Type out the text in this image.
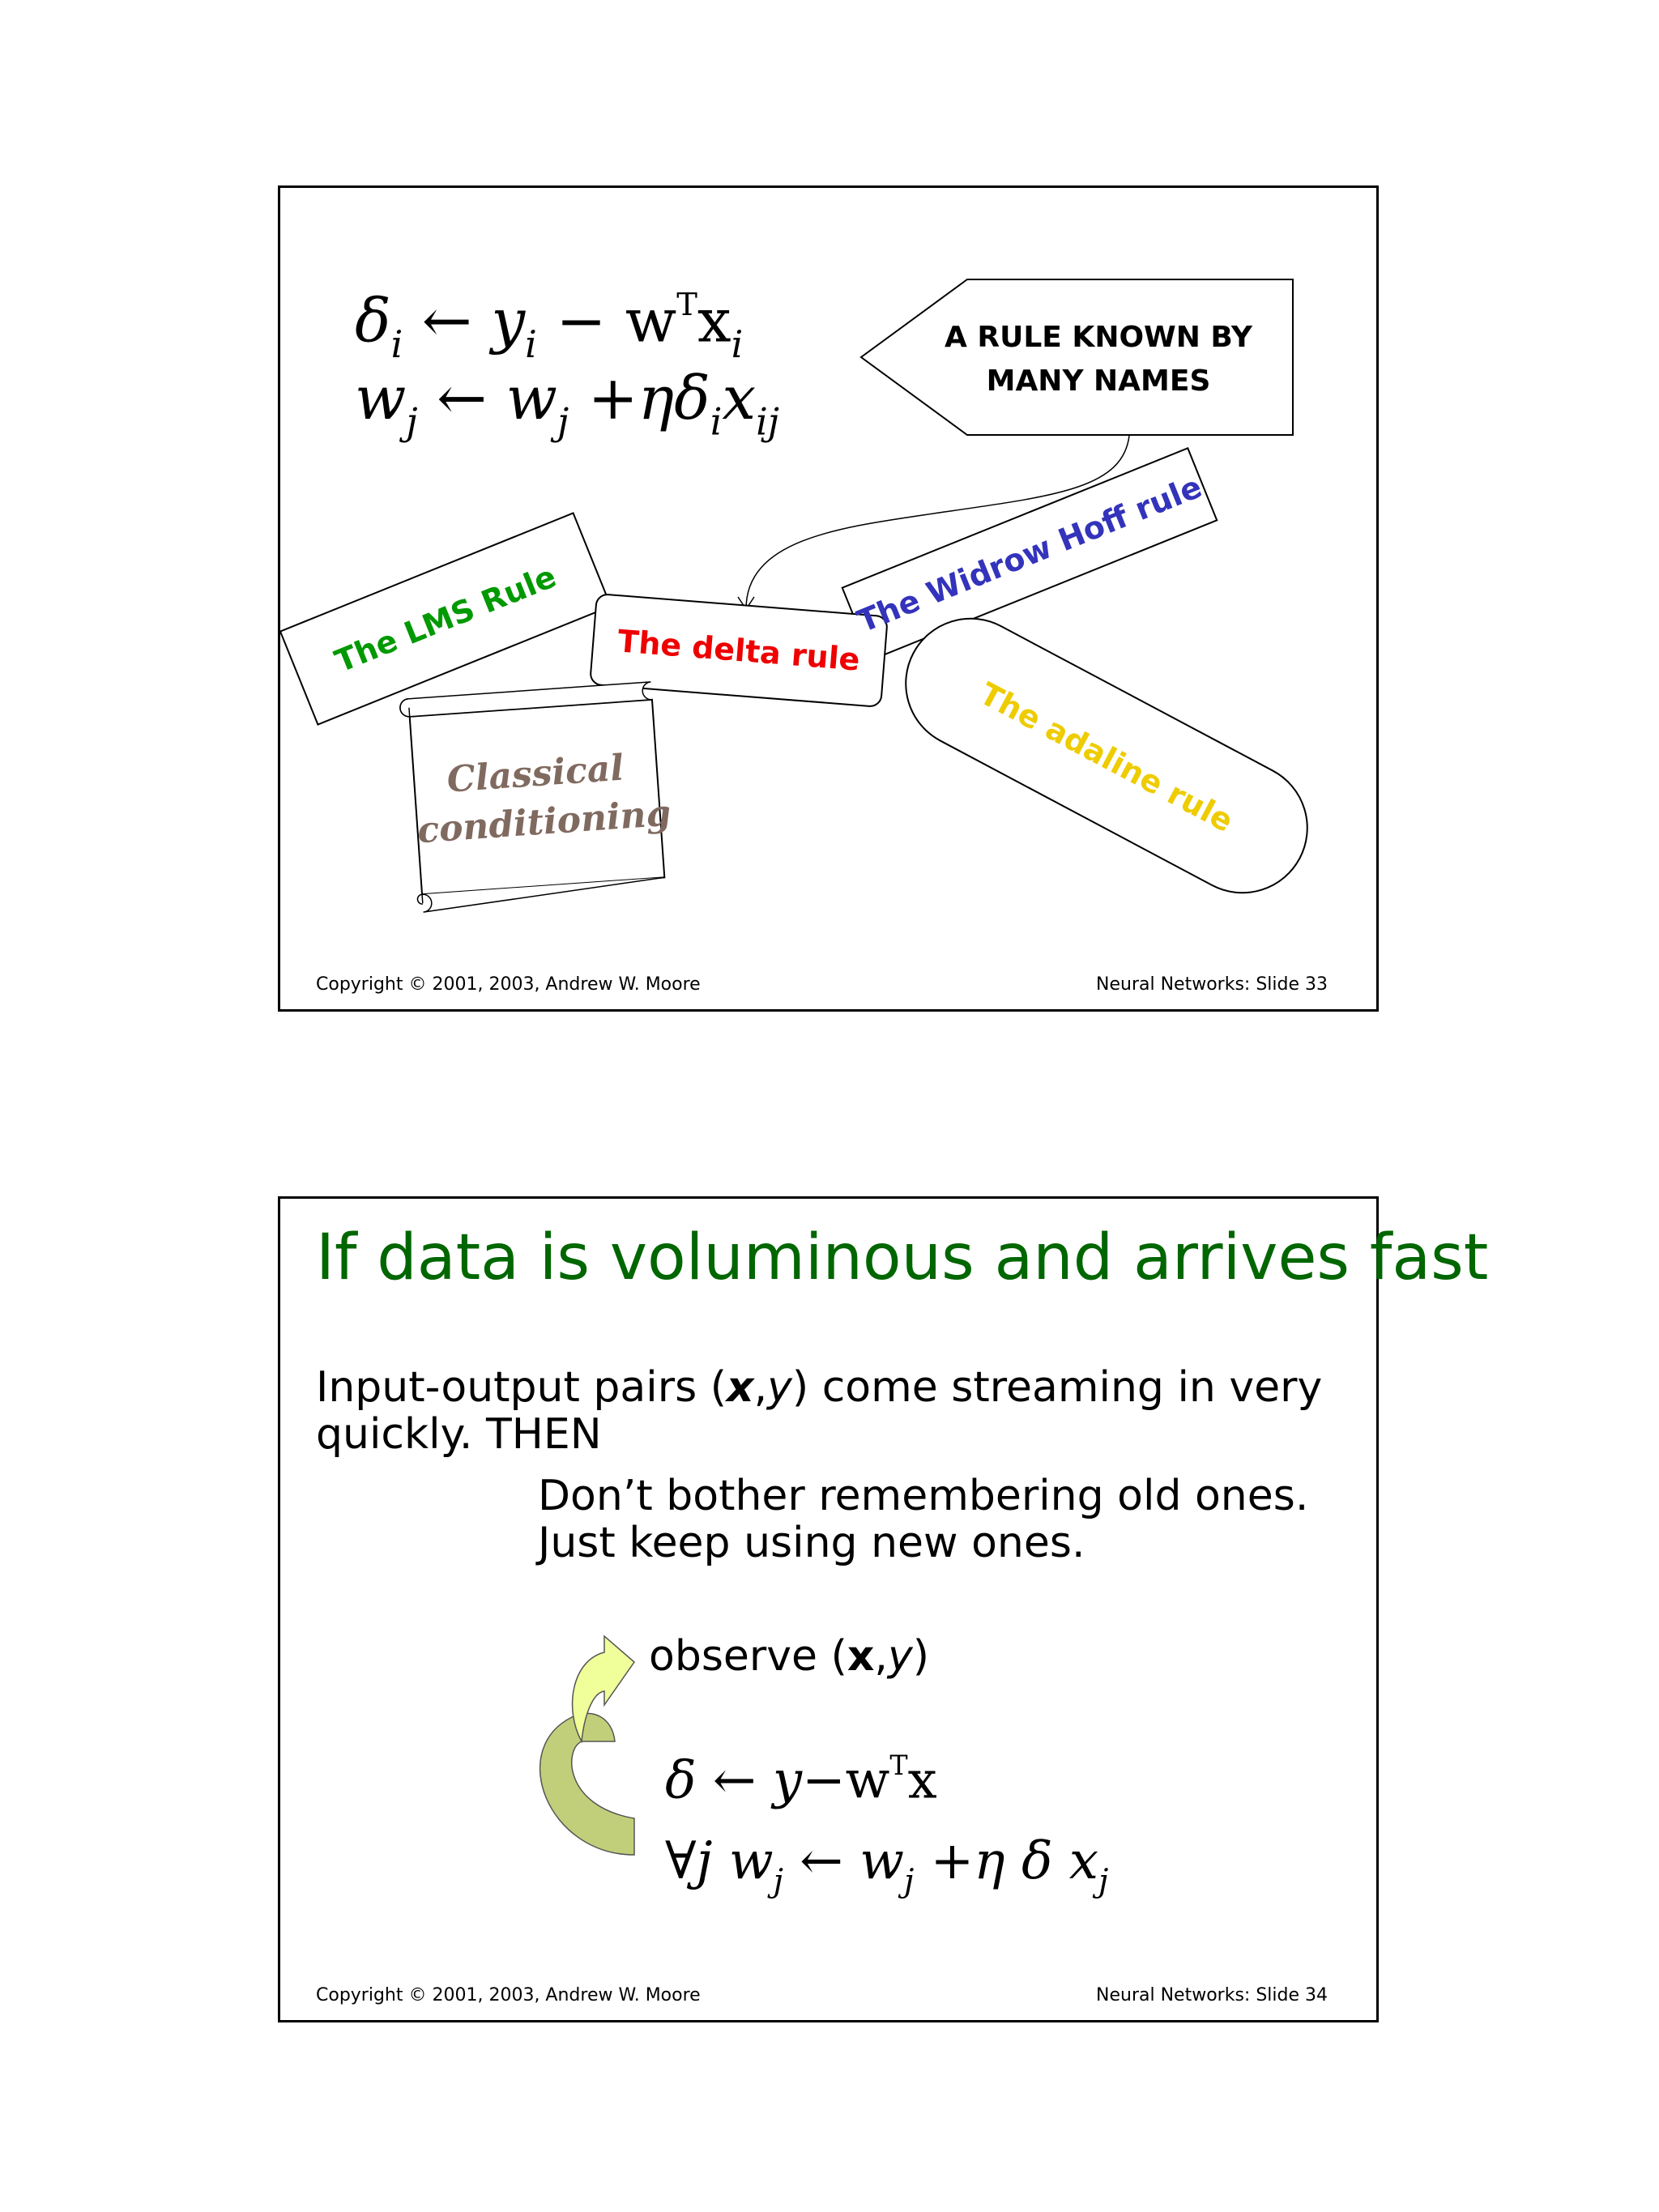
$\delta_i$ ← $y_i - w^Tx_i$
$w_j$ ← $w_j +\eta\delta_ix_{ij}$
A RULE KNOWN BY
MANY NAMES
The LMS Rule	The Widrow Hoff rule
The delta rule
The adaline rule
Classical
conditioning
Copyright © 2001, 2003, Andrew W. Moore	Neural Networks: Slide 33
If data is voluminous and arrives fast
Input-output pairs (x,y) come streaming in very
quickly. THEN
Don’t bother remembering old ones.
Just keep using new ones.
observe (x,y)
δ ← $y-w^Tx$
∀j $w_j$ ← $w_j +\eta$ δ $x_j$
Copyright © 2001, 2003, Andrew W. Moore	Neural Networks: Slide 34
